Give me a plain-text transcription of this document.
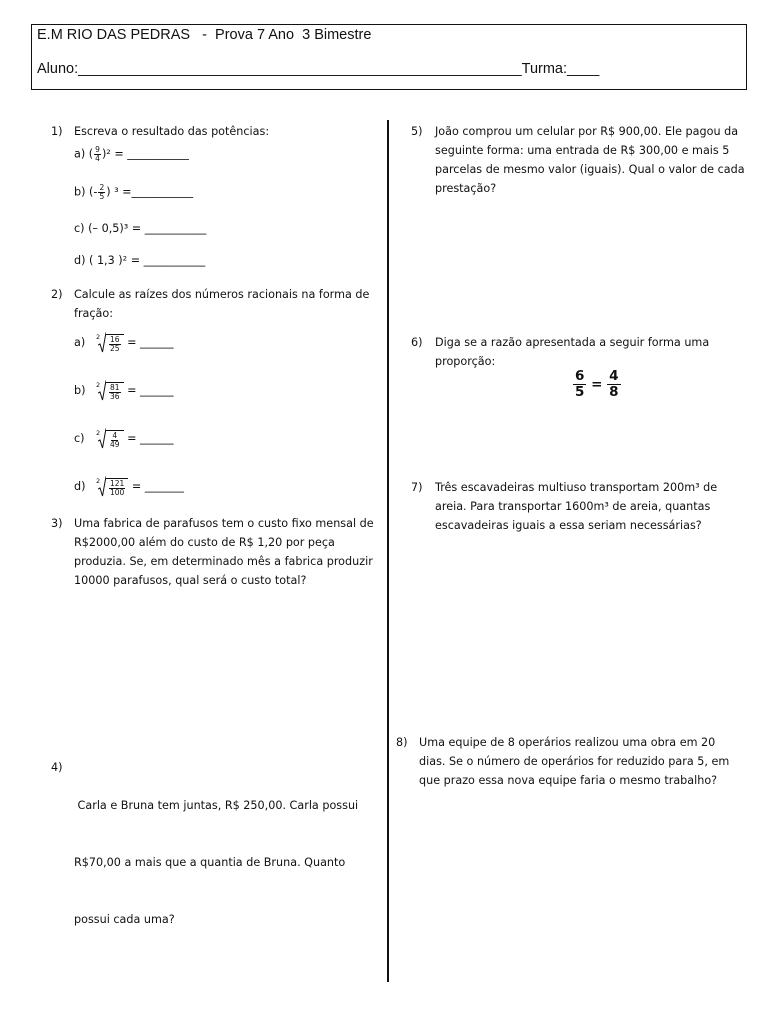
E.M RIO DAS PEDRAS   -  Prova 7 Ano  3 Bimestre
Aluno:_______________________________________________________Turma:____
1) Escreva o resultado das potências:
a) ( $\frac{9}{4} )^2$ = ___________
b) (- $\frac{2}{5}$ ) ³ =___________
c) (– 0,5)³ = ___________
d) ( 1,3 )² = ___________
2) Calcule as raízes dos números racionais na forma de
fração:
a) $2 \frac{16}{25}$ = ______
b) $2 \frac{81}{36}$ = ______
c) $2 \frac{4}{49}$ = ______
d) $2 \frac{121}{100}$ = _______
3) Uma fabrica de parafusos tem o custo fixo mensal de
R$2000,00 além do custo de R$ 1,20 por peça
produzia. Se, em determinado mês a fabrica produzir
10000 parafusos, qual será o custo total?
4)

Carla e Bruna tem juntas, R$ 250,00. Carla possui

R$70,00 a mais que a quantia de Bruna. Quanto

possui cada uma?

5) João comprou um celular por R$ 900,00. Ele pagou da
seguinte forma: uma entrada de R$ 300,00 e mais 5
parcelas de mesmo valor (iguais). Qual o valor de cada
prestação?
6) Diga se a razão apresentada a seguir forma uma
proporção:
$\frac{6}{5} = \frac{4}{8}$
7) Três escavadeiras multiuso transportam 200m³ de
areia. Para transportar 1600m³ de areia, quantas
escavadeiras iguais a essa seriam necessárias?
8) Uma equipe de 8 operários realizou uma obra em 20
dias. Se o número de operários for reduzido para 5, em
que prazo essa nova equipe faria o mesmo trabalho?
